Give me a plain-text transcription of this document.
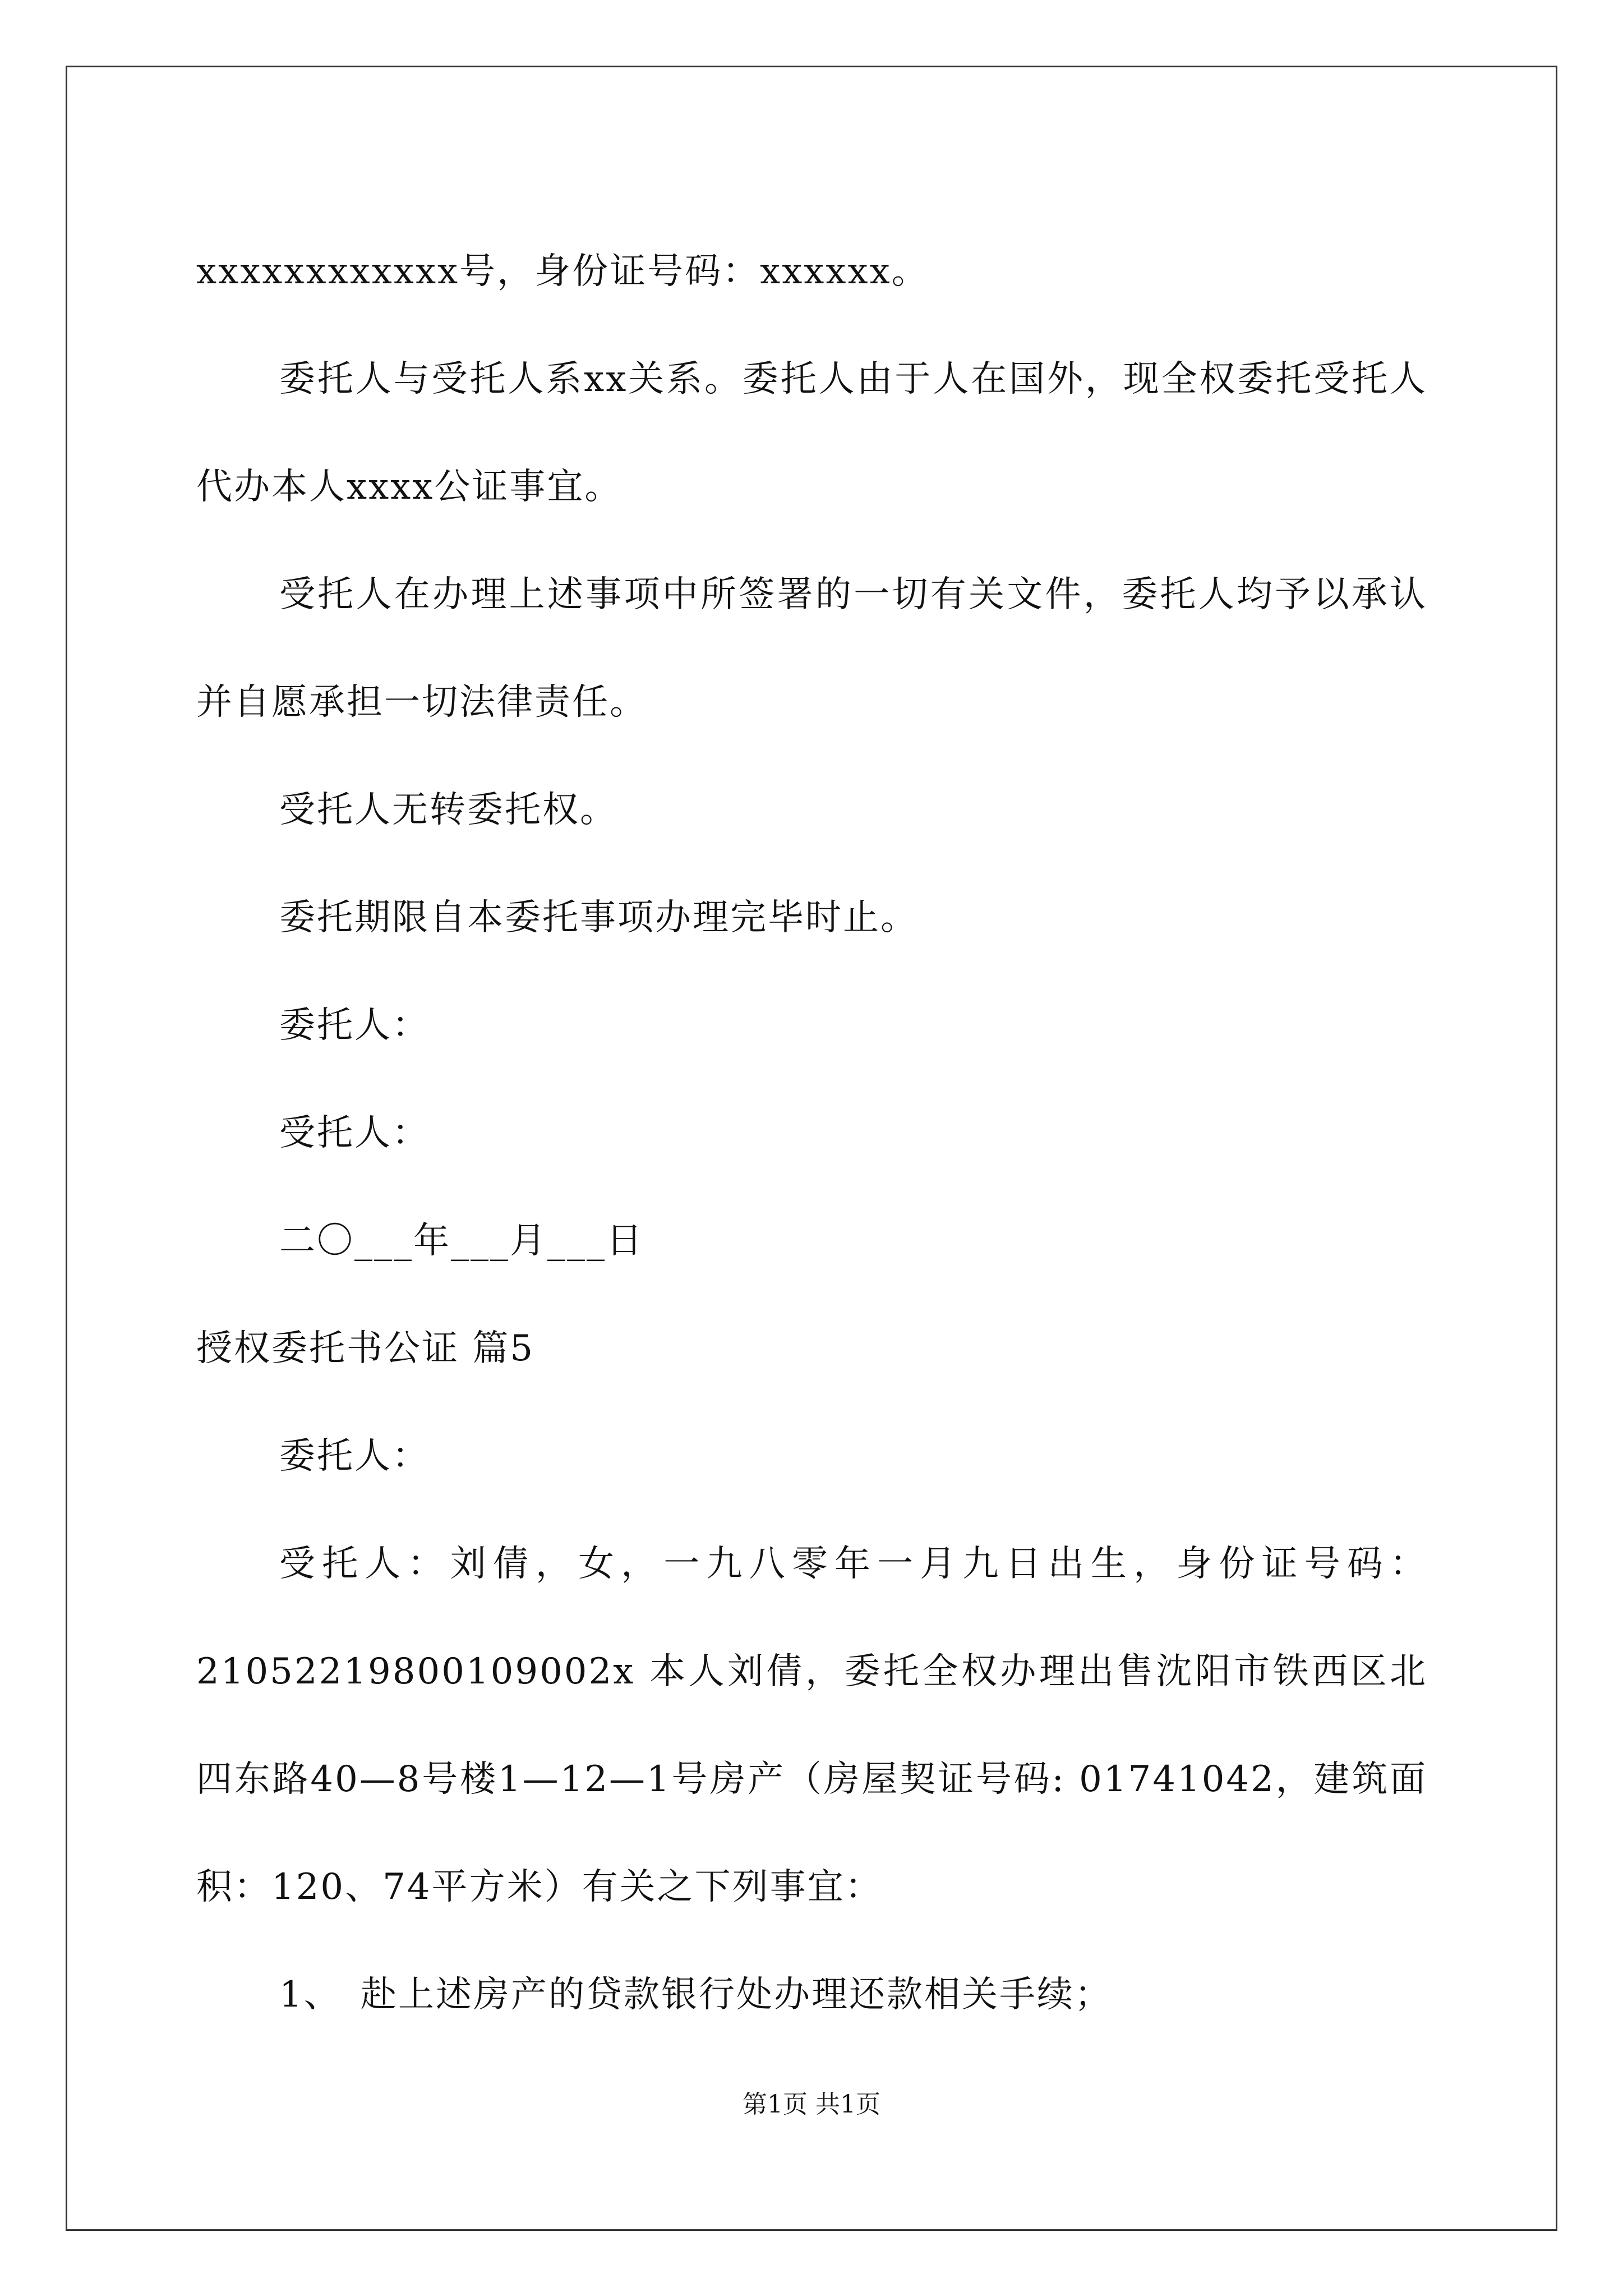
xxxxxxxxxxxx号，身份证号码：xxxxxx。

委托人与受托人系xx关系。委托人由于人在国外，现全权委托受托人代办本人xxxx公证事宜。

受托人在办理上述事项中所签署的一切有关文件，委托人均予以承认并自愿承担一切法律责任。

受托人无转委托权。

委托期限自本委托事项办理完毕时止。

委托人：

受托人：

二〇___年___月___日

授权委托书公证 篇5

委托人：

受托人：刘倩，女，一九八零年一月九日出生，身份证号码：2105221980010900​2x 本人刘倩，委托全权办理出售沈阳市铁西区北四东路40—8号楼1—12—1号房产（房屋契证号码: 01741042，建筑面积：120、74平方米）有关之下列事宜：

1、 赴上述房产的贷款银行处办理还款相关手续；

第1页 共1页
